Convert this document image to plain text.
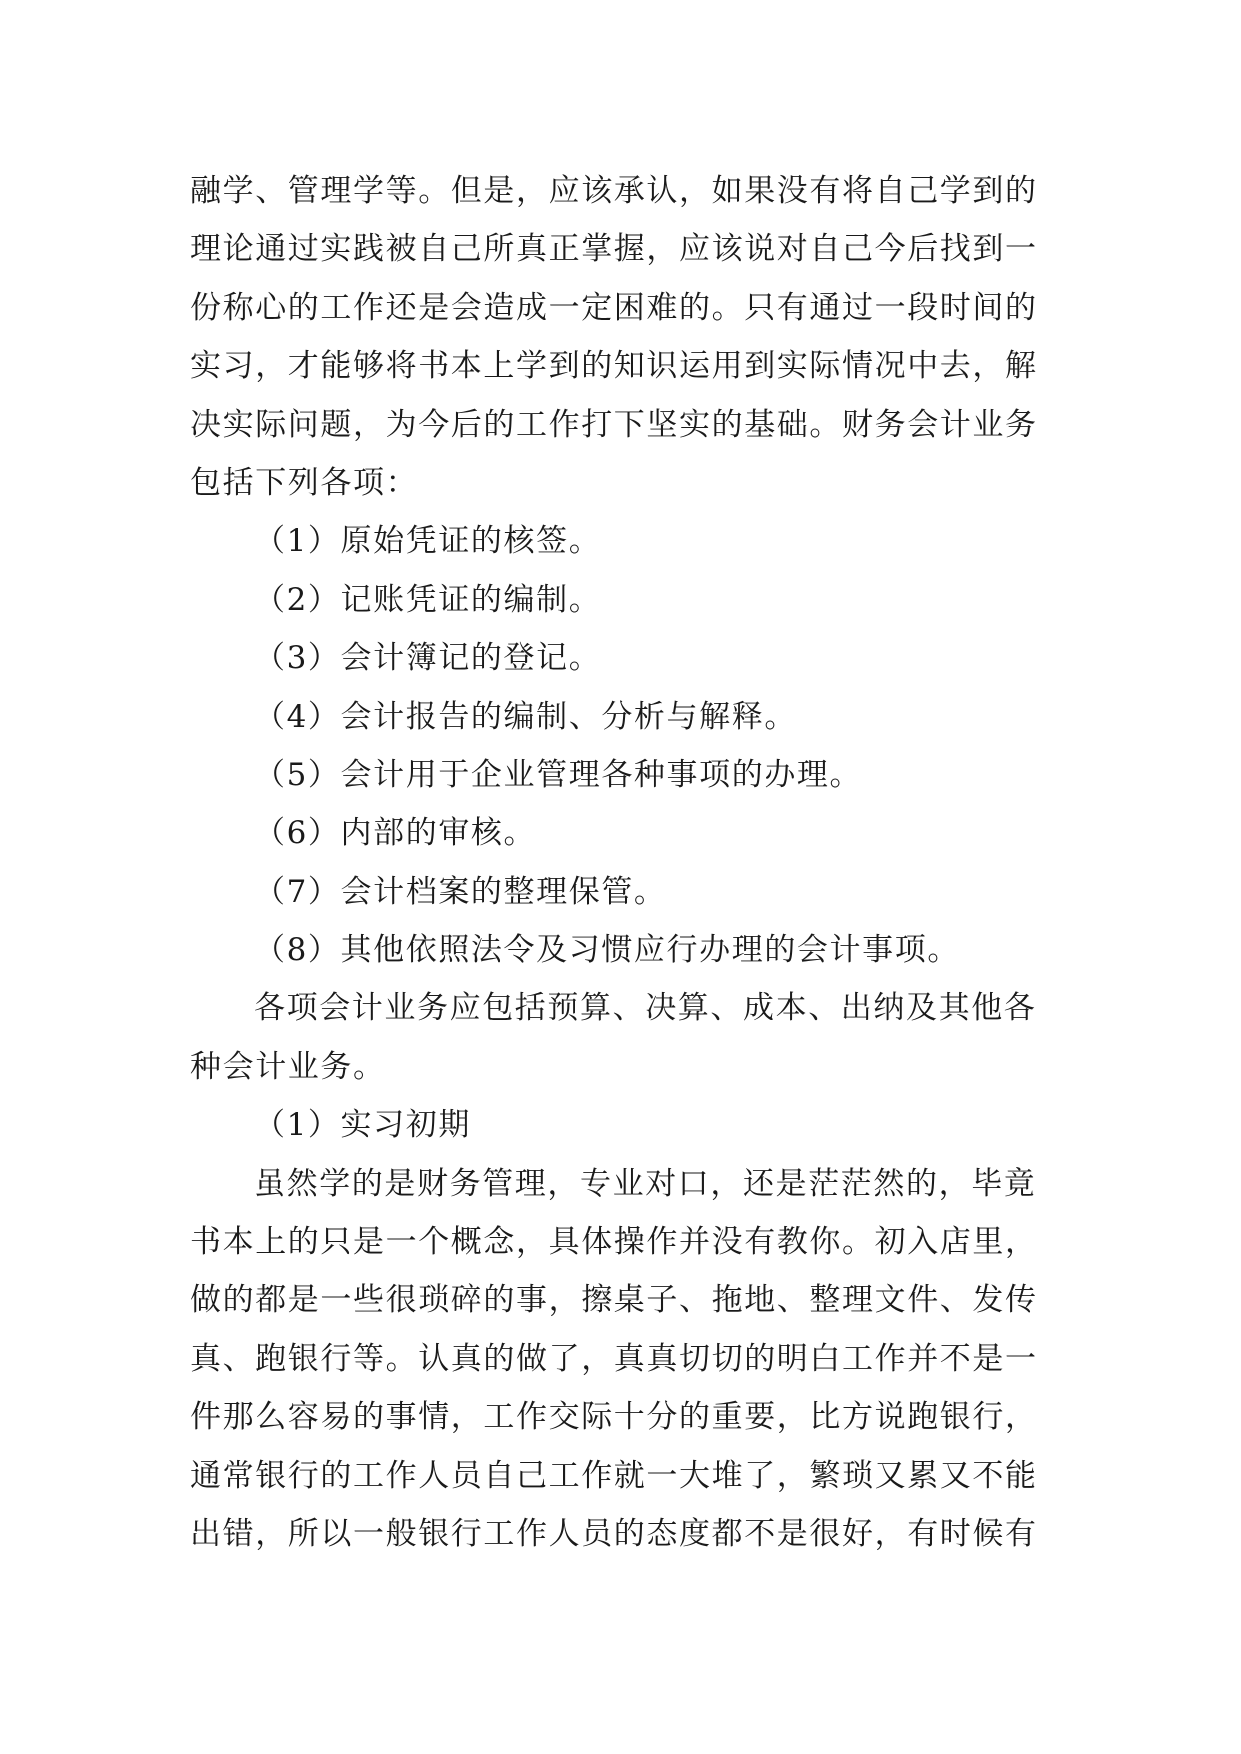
融学、管理学等。但是，应该承认，如果没有将自己学到的
理论通过实践被自己所真正掌握，应该说对自己今后找到一
份称心的工作还是会造成一定困难的。只有通过一段时间的
实习，才能够将书本上学到的知识运用到实际情况中去，解
决实际问题，为今后的工作打下坚实的基础。财务会计业务
包括下列各项：
（1）原始凭证的核签。
（2）记账凭证的编制。
（3）会计簿记的登记。
（4）会计报告的编制、分析与解释。
（5）会计用于企业管理各种事项的办理。
（6）内部的审核。
（7）会计档案的整理保管。
（8）其他依照法令及习惯应行办理的会计事项。
各项会计业务应包括预算、决算、成本、出纳及其他各
种会计业务。
（1）实习初期
虽然学的是财务管理，专业对口，还是茫茫然的，毕竟
书本上的只是一个概念，具体操作并没有教你。初入店里，
做的都是一些很琐碎的事，擦桌子、拖地、整理文件、发传
真、跑银行等。认真的做了，真真切切的明白工作并不是一
件那么容易的事情，工作交际十分的重要，比方说跑银行，
通常银行的工作人员自己工作就一大堆了，繁琐又累又不能
出错，所以一般银行工作人员的态度都不是很好，有时候有
